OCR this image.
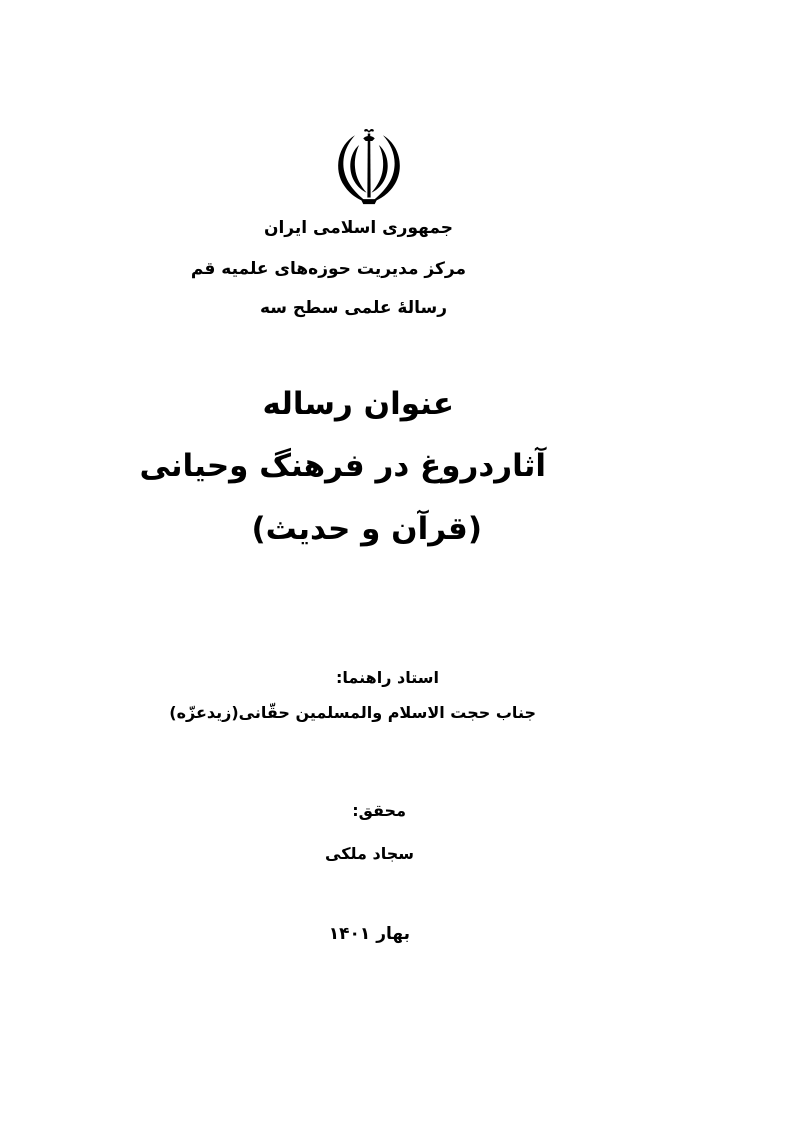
جمهوری اسلامی ایران
مرکز مدیریت حوزه‌های علمیه قم
رسالۀ علمی سطح سه
عنوان رساله
آثاردروغ در فرهنگ وحیانی
(قرآن و حدیث)
استاد راهنما:
جناب حجت الاسلام والمسلمین حقّانی(زیدعزّه)
محقق:
سجاد ملکی
بهار ۱۴۰۱
